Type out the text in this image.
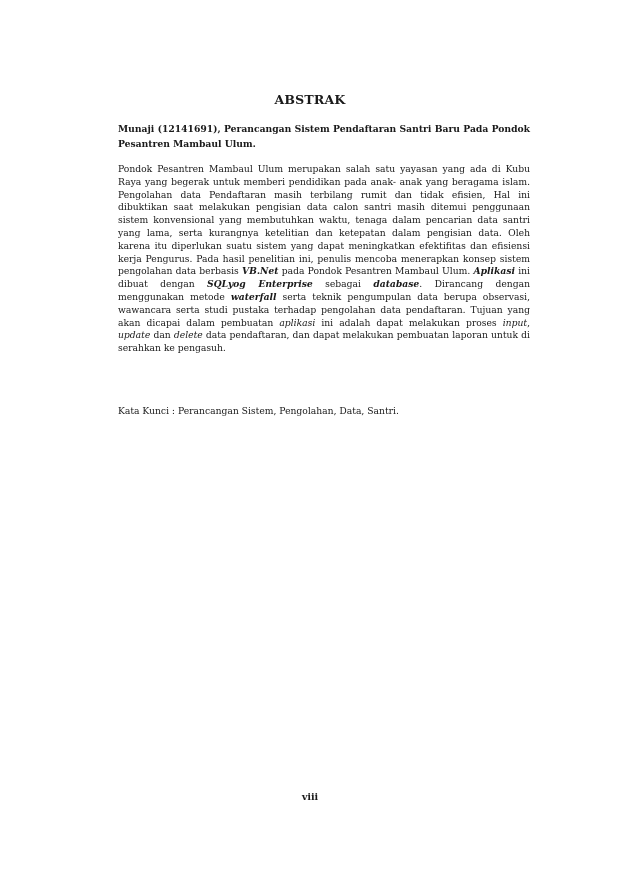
ABSTRAK
Munaji (12141691), Perancangan Sistem Pendaftaran Santri Baru Pada Pondok Pesantren Mambaul Ulum.
Pondok Pesantren Mambaul Ulum merupakan salah satu yayasan yang ada di Kubu Raya yang begerak untuk memberi pendidikan pada anak- anak yang beragama islam. Pengolahan data Pendaftaran masih terbilang rumit dan tidak efisien, Hal ini dibuktikan saat melakukan pengisian data calon santri masih ditemui penggunaan sistem konvensional yang membutuhkan waktu, tenaga dalam pencarian data santri yang lama, serta kurangnya ketelitian dan ketepatan dalam pengisian data. Oleh karena itu diperlukan suatu sistem yang dapat meningkatkan efektifitas dan efisiensi kerja Pengurus. Pada hasil penelitian ini, penulis mencoba menerapkan konsep sistem pengolahan data berbasis VB.Net pada Pondok Pesantren Mambaul Ulum. Aplikasi ini dibuat dengan SQLyog Enterprise sebagai database. Dirancang dengan menggunakan metode waterfall serta teknik pengumpulan data berupa observasi, wawancara serta studi pustaka terhadap pengolahan data pendaftaran. Tujuan yang akan dicapai dalam pembuatan aplikasi ini adalah dapat melakukan proses input, update dan delete data pendaftaran, dan dapat melakukan pembuatan laporan untuk di serahkan ke pengasuh.
Kata Kunci : Perancangan Sistem, Pengolahan, Data, Santri.
viii
